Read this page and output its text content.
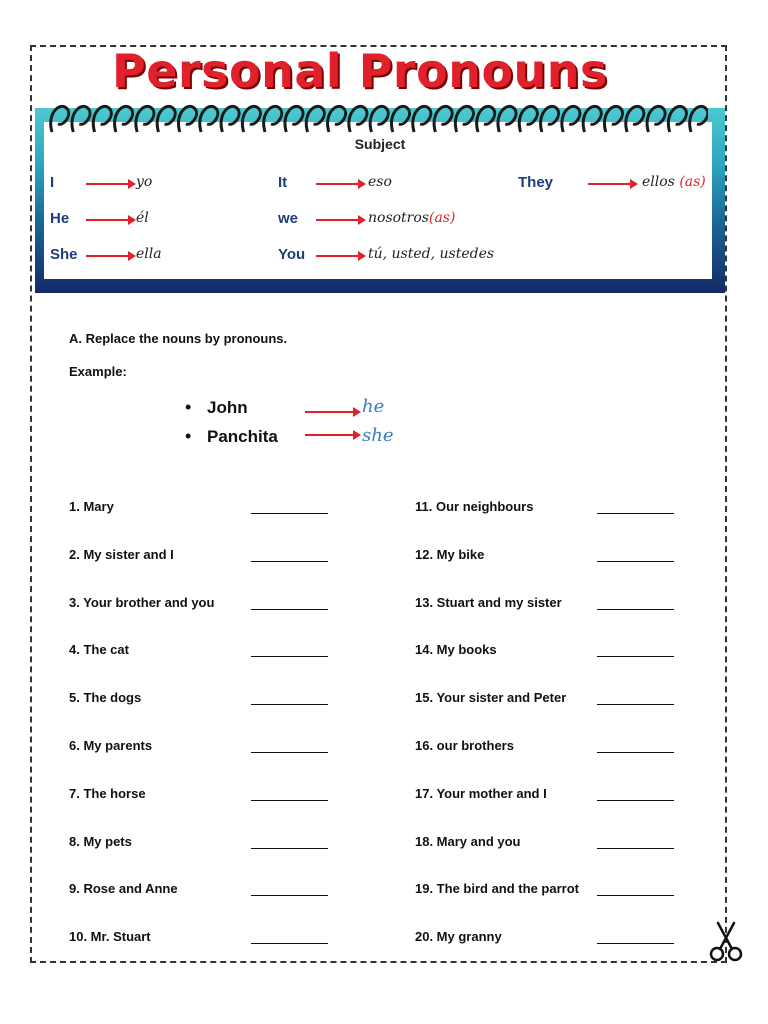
Personal Pronouns
Subject
I	yo
He	él
She	ella
It	eso
we	nosotros(as)
You	tú, usted, ustedes
They	ellos (as)
A. Replace the nouns by pronouns.
Example:
• John	he
• Panchita	she
1. Mary
2. My sister and I
3. Your brother and you
4. The cat
5. The dogs
6. My parents
7. The horse
8. My pets
9. Rose and Anne
10. Mr. Stuart
11. Our neighbours
12. My bike
13. Stuart and my sister
14. My books
15. Your sister and Peter
16. our brothers
17. Your mother and I
18. Mary and you
19. The bird and the parrot
20. My granny
